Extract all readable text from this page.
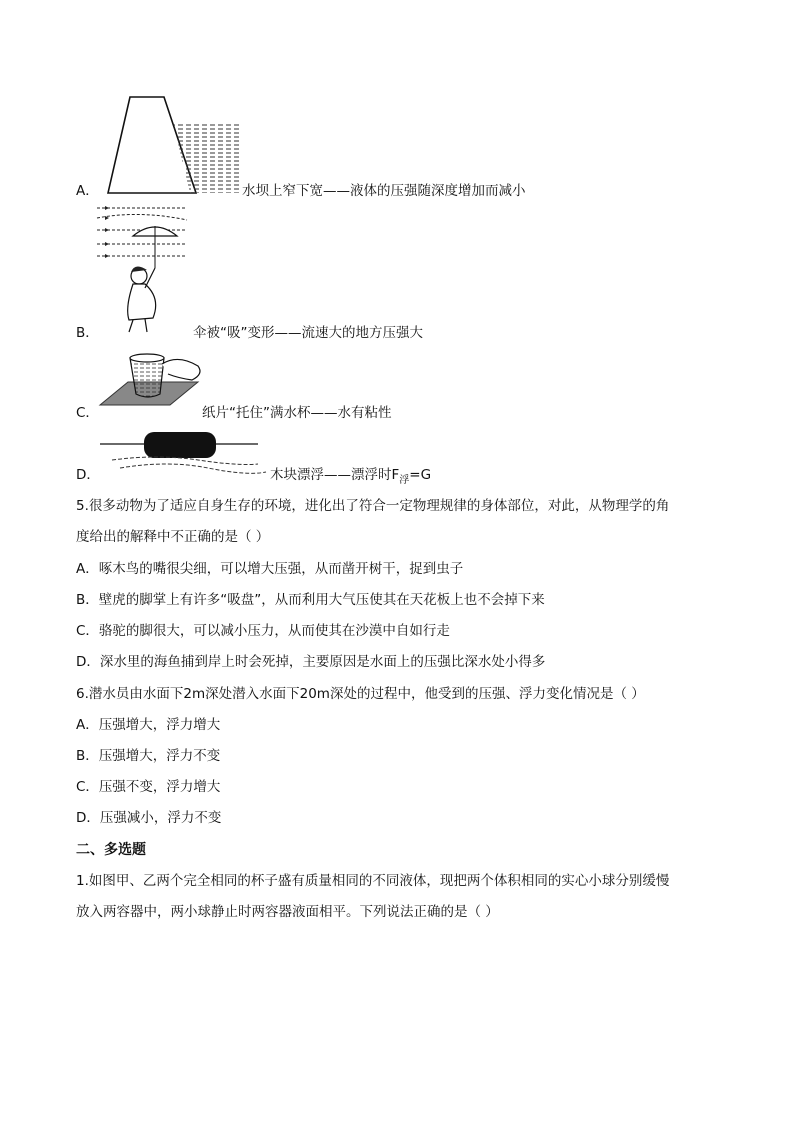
A．	水坝上窄下宽——液体的压强随深度增加而减小
B．	伞被“吸”变形——流速大的地方压强大
C．	纸片“托住”满水杯——水有粘性
D．	木块漂浮——漂浮时$F_浮=G$
5.很多动物为了适应自身生存的环境，进化出了符合一定物理规律的身体部位，对此，从物理学的角
度给出的解释中不正确的是（ ）
A．啄木鸟的嘴很尖细，可以增大压强，从而凿开树干，捉到虫子
B．壁虎的脚掌上有许多“吸盘”，从而利用大气压使其在天花板上也不会掉下来
C．骆驼的脚很大，可以减小压力，从而使其在沙漠中自如行走
D．深水里的海鱼捕到岸上时会死掉，主要原因是水面上的压强比深水处小得多
6.潜水员由水面下2m深处潜入水面下20m深处的过程中，他受到的压强、浮力变化情况是（ ）
A．压强增大，浮力增大
B．压强增大，浮力不变
C．压强不变，浮力增大
D．压强减小，浮力不变
二、多选题
1.如图甲、乙两个完全相同的杯子盛有质量相同的不同液体，现把两个体积相同的实心小球分别缓慢
放入两容器中，两小球静止时两容器液面相平。下列说法正确的是（ ）
